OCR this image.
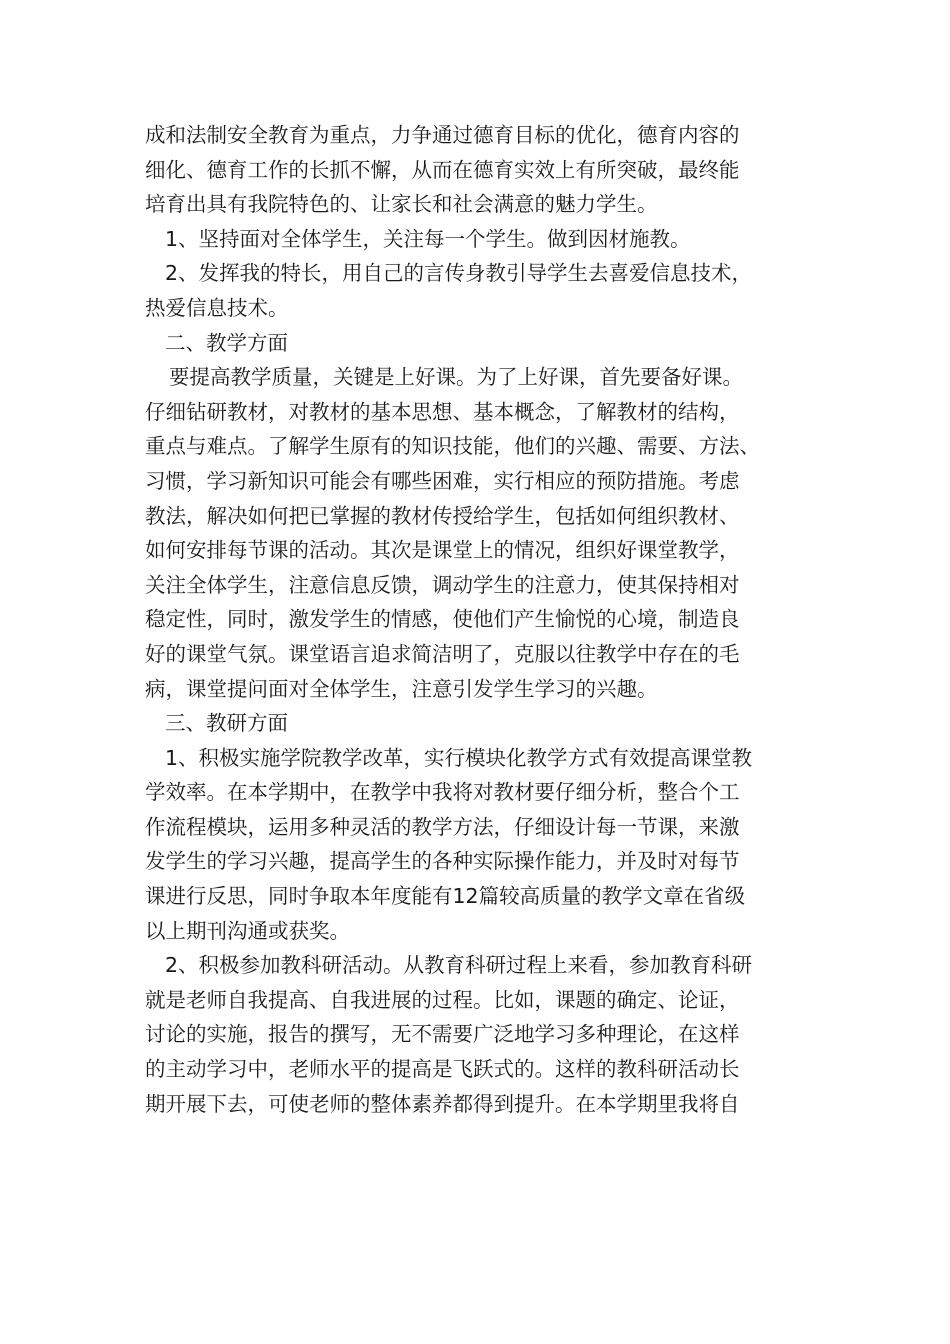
成和法制安全教育为重点，力争通过德育目标的优化，德育内容的
细化、德育工作的长抓不懈，从而在德育实效上有所突破，最终能
培育出具有我院特色的、让家长和社会满意的魅力学生。
1、坚持面对全体学生，关注每一个学生。做到因材施教。
2、发挥我的特长，用自己的言传身教引导学生去喜爱信息技术，
热爱信息技术。
二、教学方面
要提高教学质量，关键是上好课。为了上好课，首先要备好课。
仔细钻研教材，对教材的基本思想、基本概念，了解教材的结构，
重点与难点。了解学生原有的知识技能，他们的兴趣、需要、方法、
习惯，学习新知识可能会有哪些困难，实行相应的预防措施。考虑
教法，解决如何把已掌握的教材传授给学生，包括如何组织教材、
如何安排每节课的活动。其次是课堂上的情况，组织好课堂教学，
关注全体学生，注意信息反馈，调动学生的注意力，使其保持相对
稳定性，同时，激发学生的情感，使他们产生愉悦的心境，制造良
好的课堂气氛。课堂语言追求简洁明了，克服以往教学中存在的毛
病，课堂提问面对全体学生，注意引发学生学习的兴趣。
三、教研方面
1、积极实施学院教学改革，实行模块化教学方式有效提高课堂教
学效率。在本学期中，在教学中我将对教材要仔细分析，整合个工
作流程模块，运用多种灵活的教学方法，仔细设计每一节课，来激
发学生的学习兴趣，提高学生的各种实际操作能力，并及时对每节
课进行反思，同时争取本年度能有12篇较高质量的教学文章在省级
以上期刊沟通或获奖。
2、积极参加教科研活动。从教育科研过程上来看，参加教育科研
就是老师自我提高、自我进展的过程。比如，课题的确定、论证，
讨论的实施，报告的撰写，无不需要广泛地学习多种理论，在这样
的主动学习中，老师水平的提高是飞跃式的。这样的教科研活动长
期开展下去，可使老师的整体素养都得到提升。在本学期里我将自
